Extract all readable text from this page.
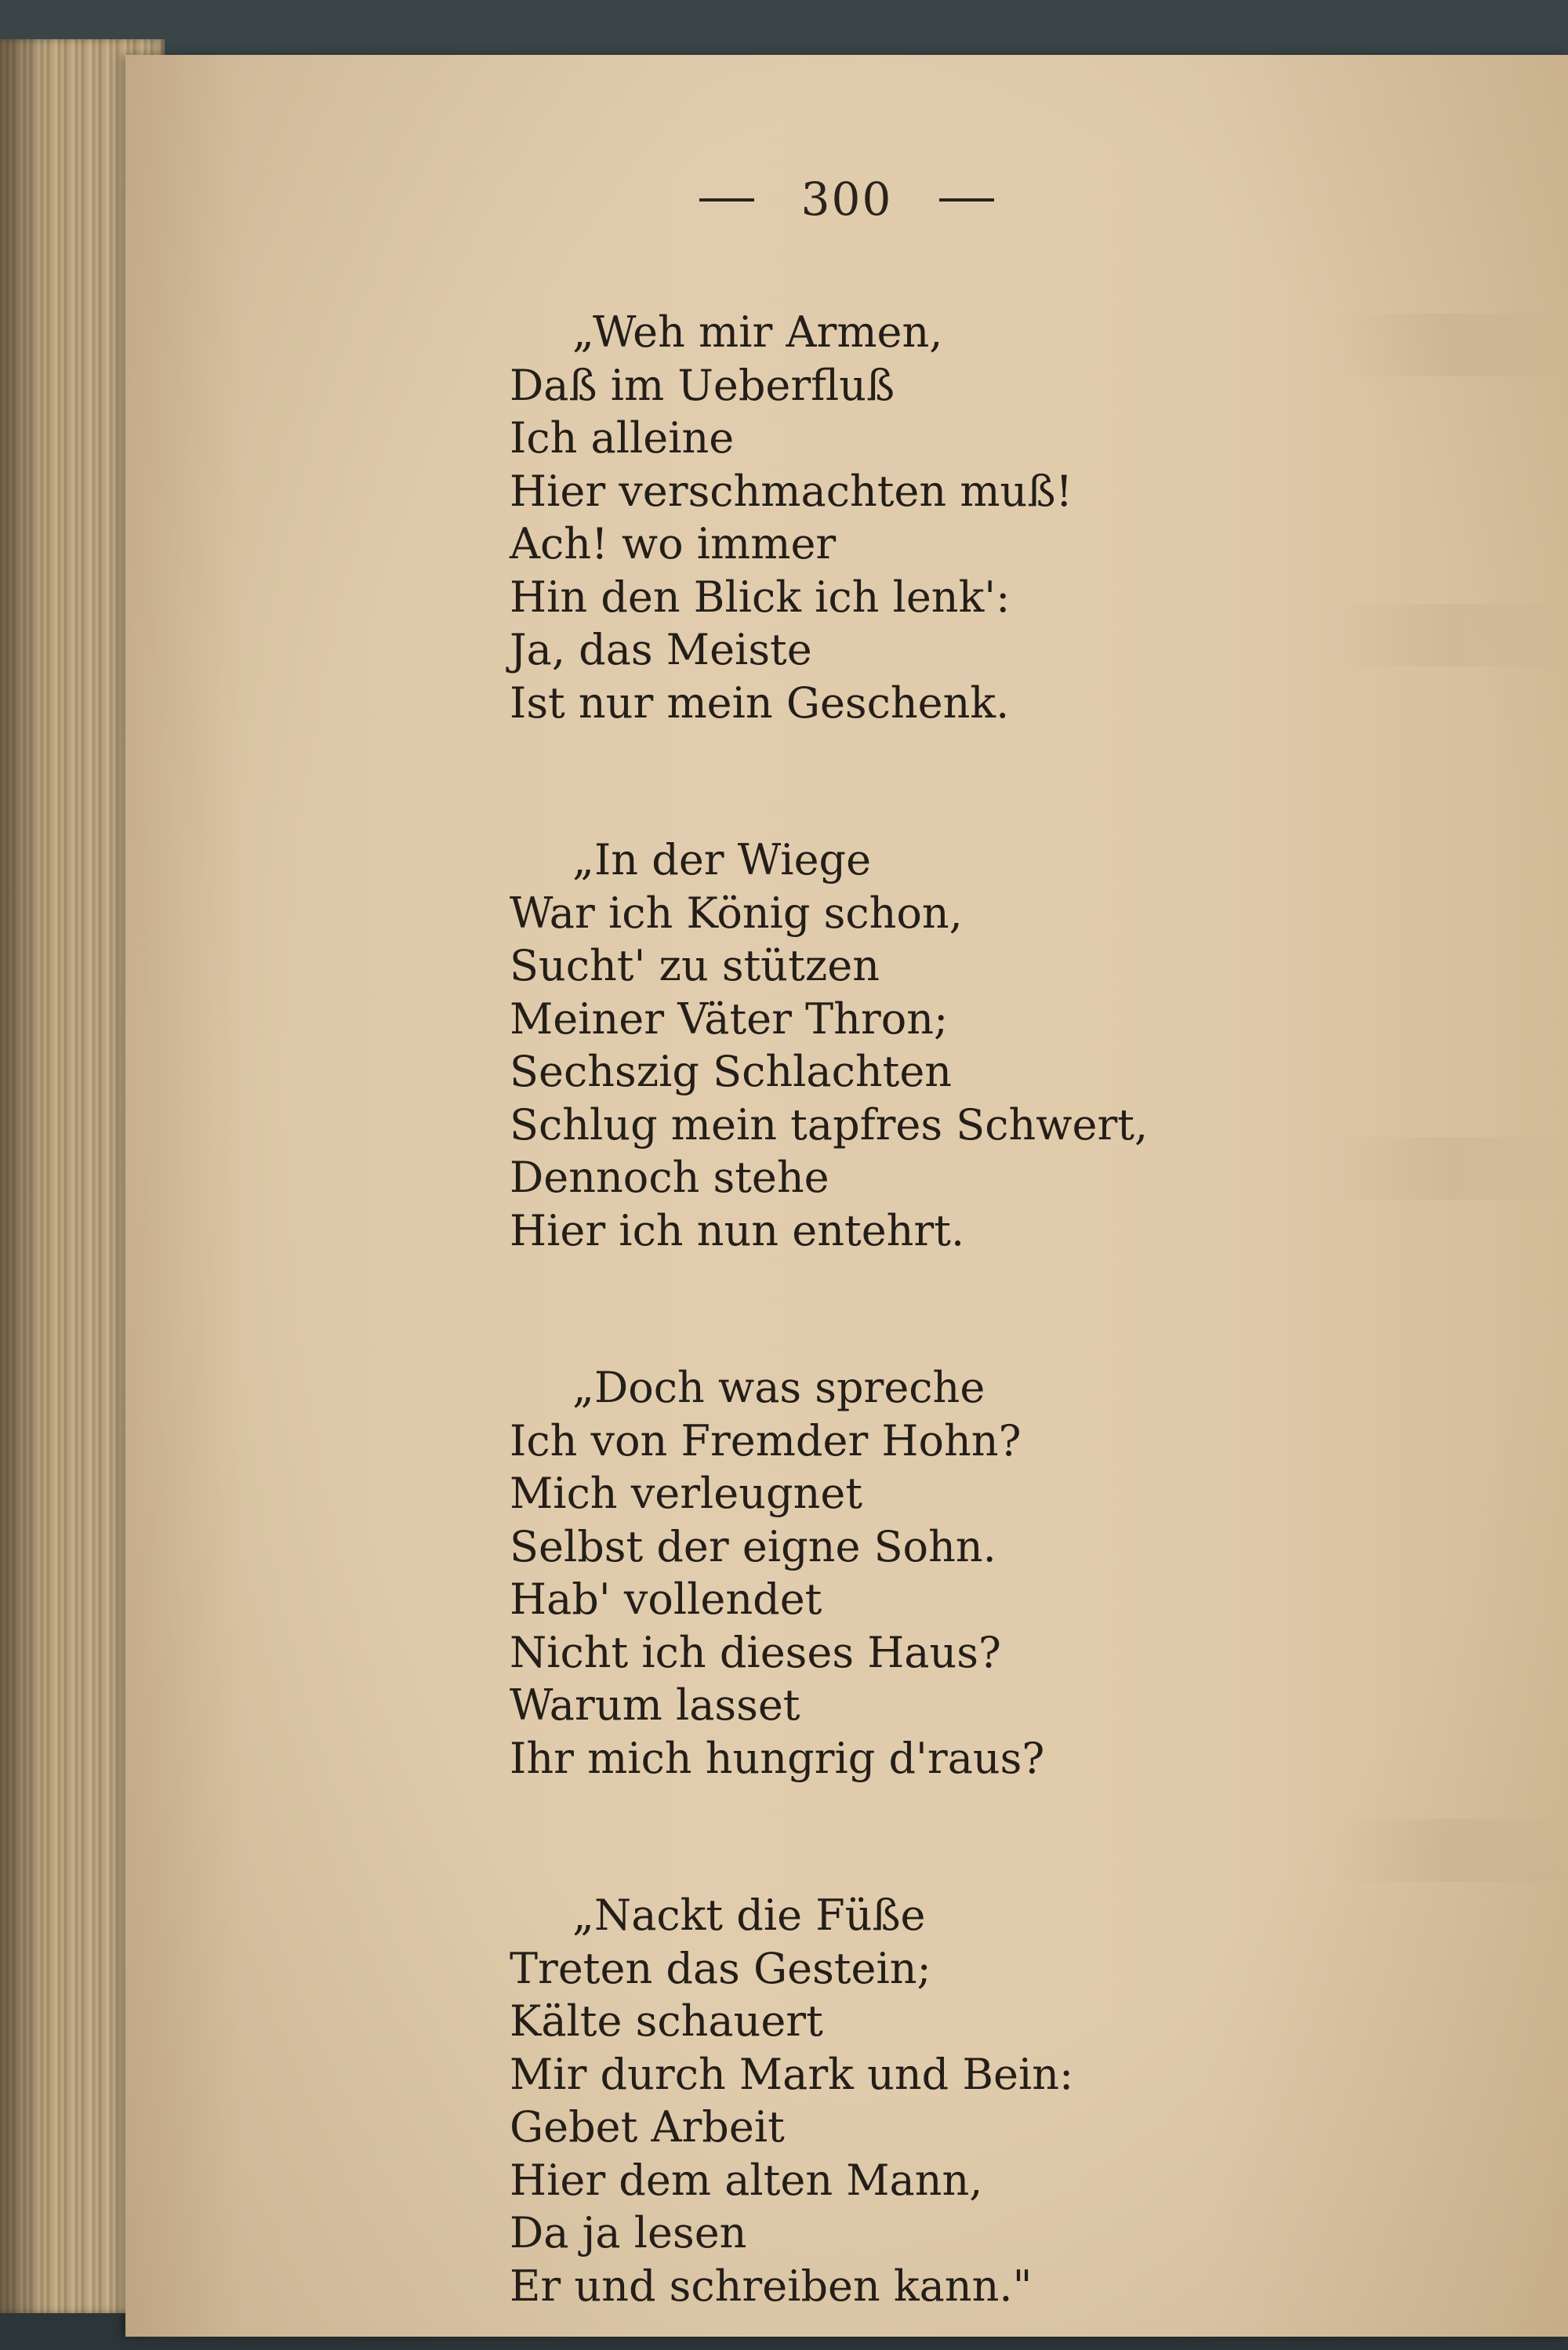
300
„Weh mir Armen,
Daß im Ueberfluß
Ich alleine
Hier verschmachten muß!
Ach! wo immer
Hin den Blick ich lenk':
Ja, das Meiste
Ist nur mein Geschenk.
„In der Wiege
War ich König schon,
Sucht' zu stützen
Meiner Väter Thron;
Sechszig Schlachten
Schlug mein tapfres Schwert,
Dennoch stehe
Hier ich nun entehrt.
„Doch was spreche
Ich von Fremder Hohn?
Mich verleugnet
Selbst der eigne Sohn.
Hab' vollendet
Nicht ich dieses Haus?
Warum lasset
Ihr mich hungrig d'raus?
„Nackt die Füße
Treten das Gestein;
Kälte schauert
Mir durch Mark und Bein:
Gebet Arbeit
Hier dem alten Mann,
Da ja lesen
Er und schreiben kann."
